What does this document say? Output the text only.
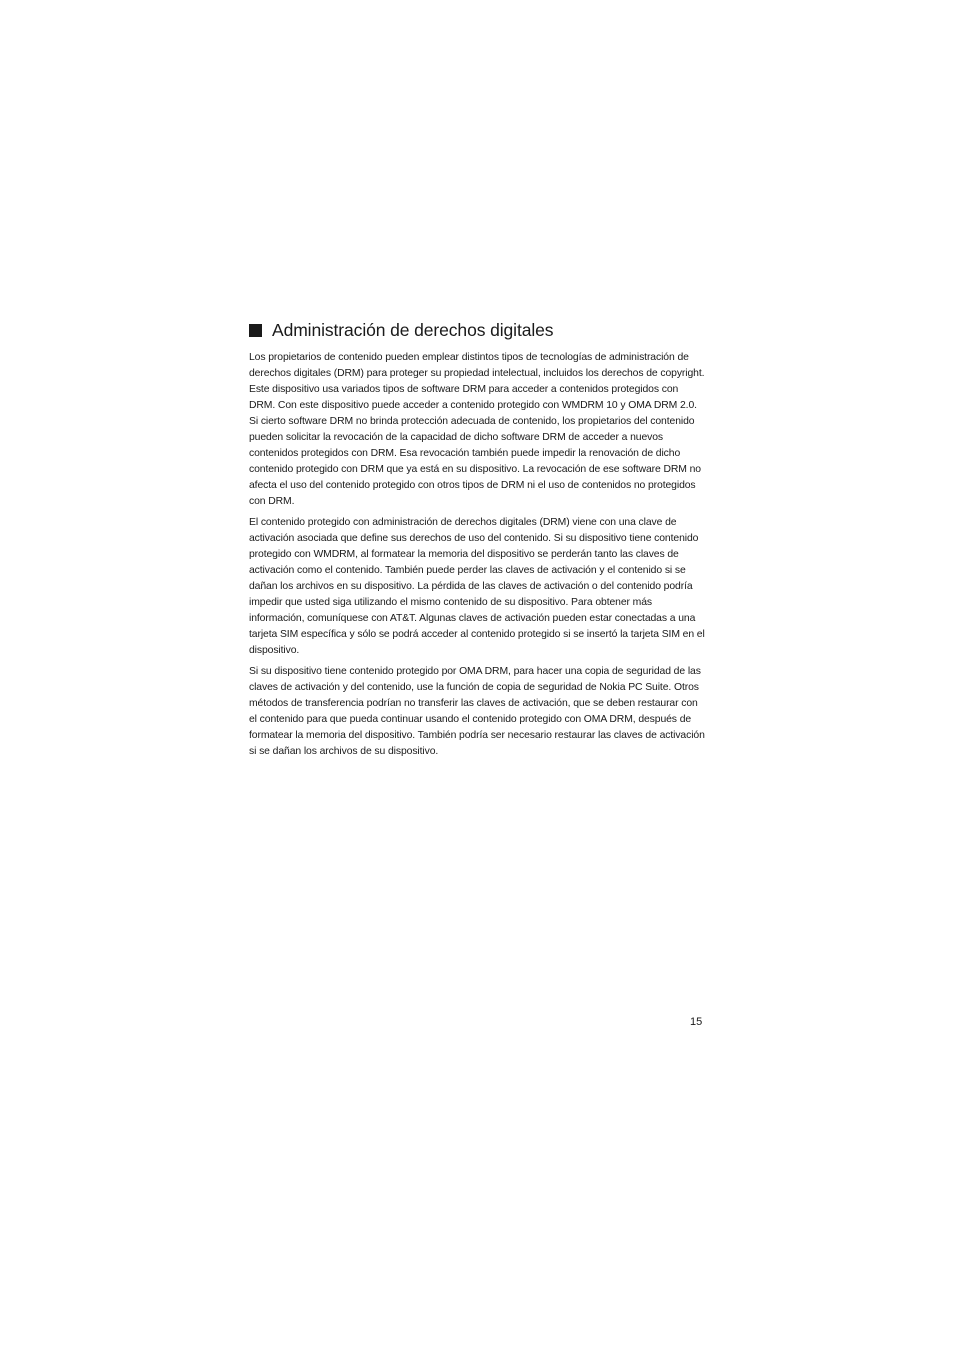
Administración de derechos digitales

Los propietarios de contenido pueden emplear distintos tipos de tecnologías de administración de derechos digitales (DRM) para proteger su propiedad intelectual, incluidos los derechos de copyright. Este dispositivo usa variados tipos de software DRM para acceder a contenidos protegidos con DRM. Con este dispositivo puede acceder a contenido protegido con WMDRM 10 y OMA DRM 2.0. Si cierto software DRM no brinda protección adecuada de contenido, los propietarios del contenido pueden solicitar la revocación de la capacidad de dicho software DRM de acceder a nuevos contenidos protegidos con DRM. Esa revocación también puede impedir la renovación de dicho contenido protegido con DRM que ya está en su dispositivo. La revocación de ese software DRM no afecta el uso del contenido protegido con otros tipos de DRM ni el uso de contenidos no protegidos con DRM.

El contenido protegido con administración de derechos digitales (DRM) viene con una clave de activación asociada que define sus derechos de uso del contenido. Si su dispositivo tiene contenido protegido con WMDRM, al formatear la memoria del dispositivo se perderán tanto las claves de activación como el contenido. También puede perder las claves de activación y el contenido si se dañan los archivos en su dispositivo. La pérdida de las claves de activación o del contenido podría impedir que usted siga utilizando el mismo contenido de su dispositivo. Para obtener más información, comuníquese con AT&T. Algunas claves de activación pueden estar conectadas a una tarjeta SIM específica y sólo se podrá acceder al contenido protegido si se insertó la tarjeta SIM en el dispositivo.

Si su dispositivo tiene contenido protegido por OMA DRM, para hacer una copia de seguridad de las claves de activación y del contenido, use la función de copia de seguridad de Nokia PC Suite. Otros métodos de transferencia podrían no transferir las claves de activación, que se deben restaurar con el contenido para que pueda continuar usando el contenido protegido con OMA DRM, después de formatear la memoria del dispositivo. También podría ser necesario restaurar las claves de activación si se dañan los archivos de su dispositivo.

15
